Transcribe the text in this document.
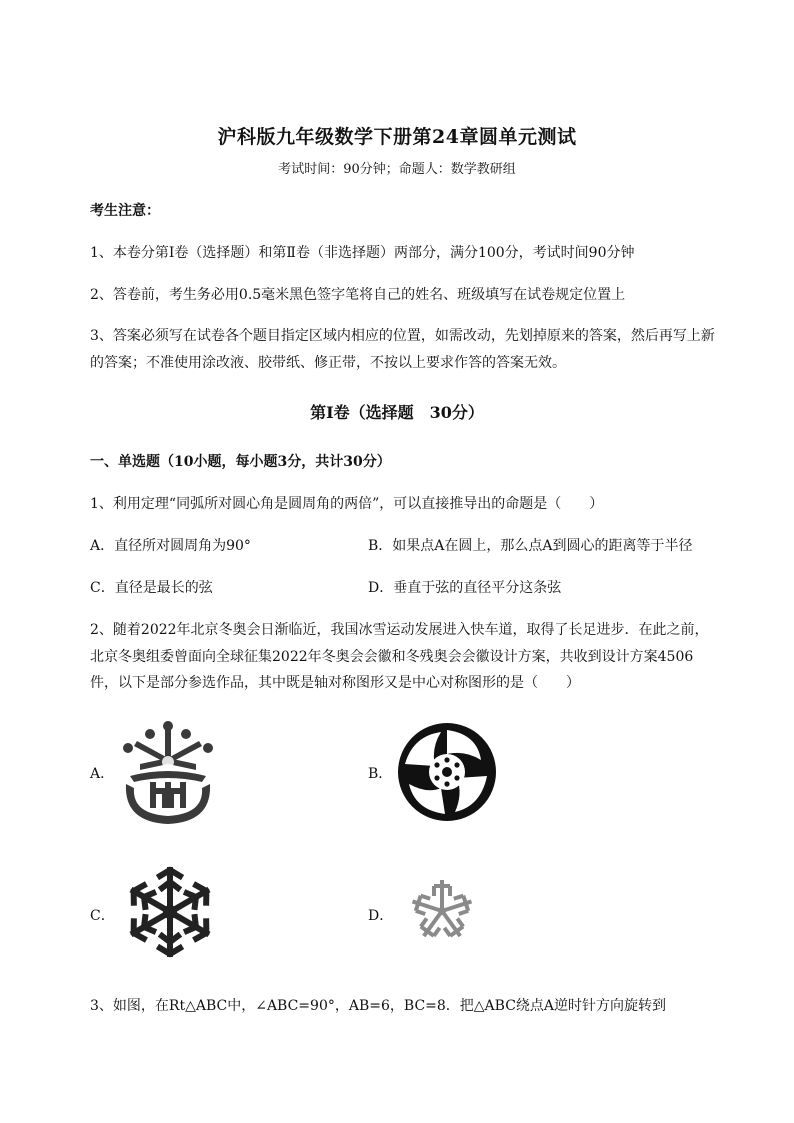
沪科版九年级数学下册第24章圆单元测试
考试时间：90分钟；命题人：数学教研组
考生注意：
1、本卷分第Ⅰ卷（选择题）和第Ⅱ卷（非选择题）两部分，满分100分，考试时间90分钟
2、答卷前，考生务必用0.5毫米黑色签字笔将自己的姓名、班级填写在试卷规定位置上
3、答案必须写在试卷各个题目指定区域内相应的位置，如需改动，先划掉原来的答案，然后再写上新
的答案；不准使用涂改液、胶带纸、修正带，不按以上要求作答的答案无效。
第Ⅰ卷（选择题　30分）
一、单选题（10小题，每小题3分，共计30分）
1、利用定理“同弧所对圆心角是圆周角的两倍”，可以直接推导出的命题是（　　）
A．直径所对圆周角为90°	B．如果点A在圆上，那么点A到圆心的距离等于半径
C．直径是最长的弦	D．垂直于弦的直径平分这条弦
2、随着2022年北京冬奥会日渐临近，我国冰雪运动发展进入快车道，取得了长足进步．在此之前，
北京冬奥组委曾面向全球征集2022年冬奥会会徽和冬残奥会会徽设计方案，共收到设计方案4506
件，以下是部分参选作品，其中既是轴对称图形又是中心对称图形的是（　　）
A．	B．
C．	D．
3、如图，在Rt△ABC中，∠ABC=90°，AB=6，BC=8．把△ABC绕点A逆时针方向旋转到
